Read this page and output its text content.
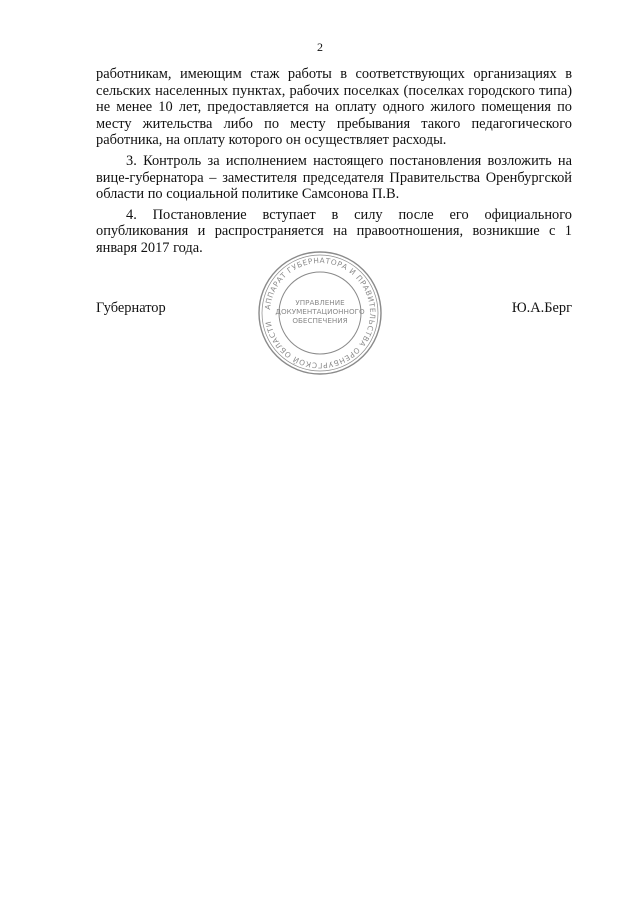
2

работникам, имеющим стаж работы в соответствующих организациях в сельских населенных пунктах, рабочих поселках (поселках городского типа) не менее 10 лет, предоставляется на оплату одного жилого помещения по месту жительства либо по месту пребывания такого педагогического работника, на оплату которого он осуществляет расходы.

3. Контроль за исполнением настоящего постановления возложить на вице-губернатора – заместителя председателя Правительства Оренбургской области по социальной политике Самсонова П.В.

4. Постановление вступает в силу после его официального опубликования и распространяется на правоотношения, возникшие с 1 января 2017 года.

Губернатор	Ю.А.Берг
АППАРАТ ГУБЕРНАТОРА И ПРАВИТЕЛЬСТВА ОРЕНБУРГСКОЙ ОБЛАСТИ
УПРАВЛЕНИЕ
ДОКУМЕНТАЦИОННОГО
ОБЕСПЕЧЕНИЯ
